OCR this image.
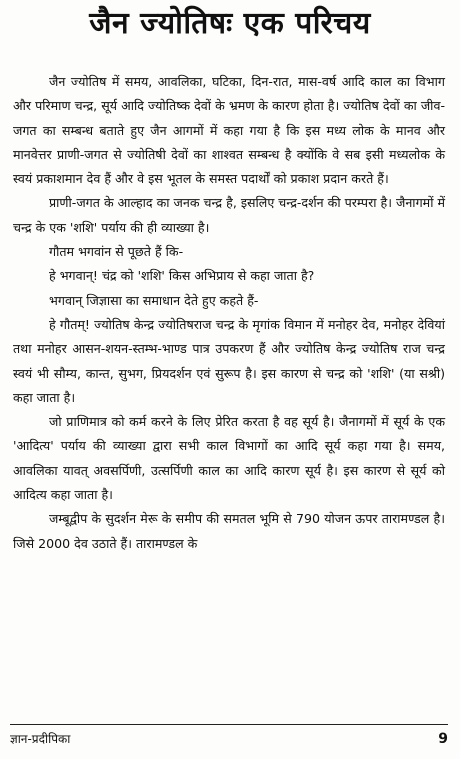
जैन ज्योतिषः एक परिचय

जैन ज्योतिष में समय, आवलिका, घटिका, दिन-रात, मास-वर्ष आदि काल का विभाग और परिमाण चन्द्र, सूर्य आदि ज्योतिष्क देवों के भ्रमण के कारण होता है। ज्योतिष देवों का जीव-जगत का सम्बन्ध बताते हुए जैन आगमों में कहा गया है कि इस मध्य लोक के मानव और मानवेत्तर प्राणी-जगत से ज्योतिषी देवों का शाश्वत सम्बन्ध है क्योंकि वे सब इसी मध्यलोक के स्वयं प्रकाशमान देव हैं और वे इस भूतल के समस्त पदार्थों को प्रकाश प्रदान करते हैं।

प्राणी-जगत के आल्हाद का जनक चन्द्र है, इसलिए चन्द्र-दर्शन की परम्परा है। जैनागमों में चन्द्र के एक 'शशि' पर्याय की ही व्याख्या है।

गौतम भगवांन से पूछते हैं कि-

हे भगवान्! चंद्र को 'शशि' किस अभिप्राय से कहा जाता है?

भगवान् जिज्ञासा का समाधान देते हुए कहते हैं-

हे गौतम्! ज्योतिष केन्द्र ज्योतिषराज चन्द्र के मृगांक विमान में मनोहर देव, मनोहर देवियां तथा मनोहर आसन-शयन-स्तम्भ-भाण्ड पात्र उपकरण हैं और ज्योतिष केन्द्र ज्योतिष राज चन्द्र स्वयं भी सौम्य, कान्त, सुभग, प्रियदर्शन एवं सुरूप है। इस कारण से चन्द्र को 'शशि' (या सश्री) कहा जाता है।

जो प्राणिमात्र को कर्म करने के लिए प्रेरित करता है वह सूर्य है। जैनागमों में सूर्य के एक 'आदित्य' पर्याय की व्याख्या द्वारा सभी काल विभागों का आदि सूर्य कहा गया है। समय, आवलिका यावत् अवसर्पिणी, उत्सर्पिणी काल का आदि कारण सूर्य है। इस कारण से सूर्य को आदित्य कहा जाता है।

जम्बूद्वीप के सुदर्शन मेरू के समीप की समतल भूमि से 790 योजन ऊपर तारामण्डल है। जिसे 2000 देव उठाते हैं। तारामण्डल के

ज्ञान-प्रदीपिका	9
